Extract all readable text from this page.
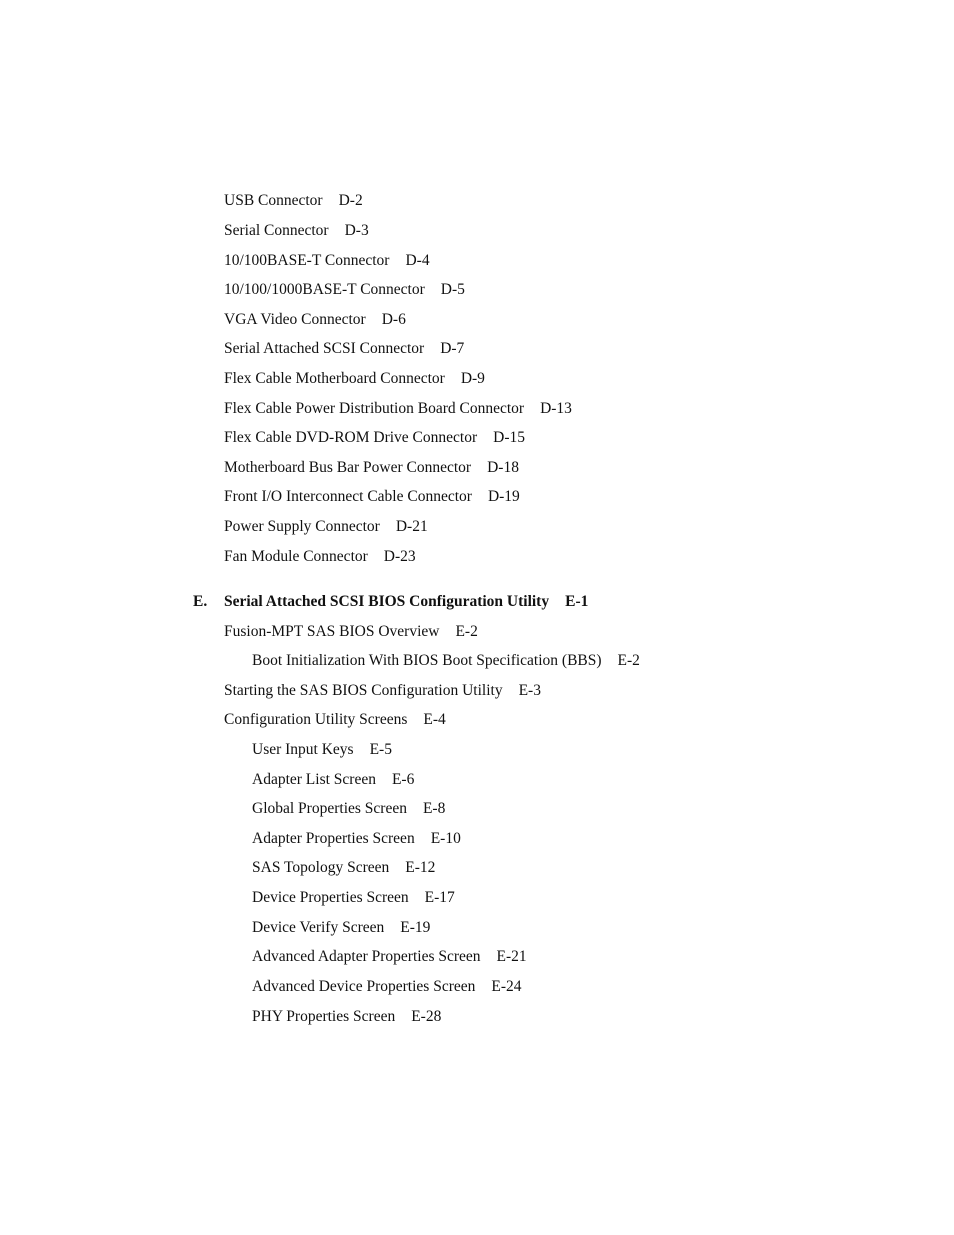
USB Connector D-2
Serial Connector D-3
10/100BASE-T Connector D-4
10/100/1000BASE-T Connector D-5
VGA Video Connector D-6
Serial Attached SCSI Connector D-7
Flex Cable Motherboard Connector D-9
Flex Cable Power Distribution Board Connector D-13
Flex Cable DVD-ROM Drive Connector D-15
Motherboard Bus Bar Power Connector D-18
Front I/O Interconnect Cable Connector D-19
Power Supply Connector D-21
Fan Module Connector D-23
E. Serial Attached SCSI BIOS Configuration Utility E-1
Fusion-MPT SAS BIOS Overview E-2
Boot Initialization With BIOS Boot Specification (BBS) E-2
Starting the SAS BIOS Configuration Utility E-3
Configuration Utility Screens E-4
User Input Keys E-5
Adapter List Screen E-6
Global Properties Screen E-8
Adapter Properties Screen E-10
SAS Topology Screen E-12
Device Properties Screen E-17
Device Verify Screen E-19
Advanced Adapter Properties Screen E-21
Advanced Device Properties Screen E-24
PHY Properties Screen E-28
